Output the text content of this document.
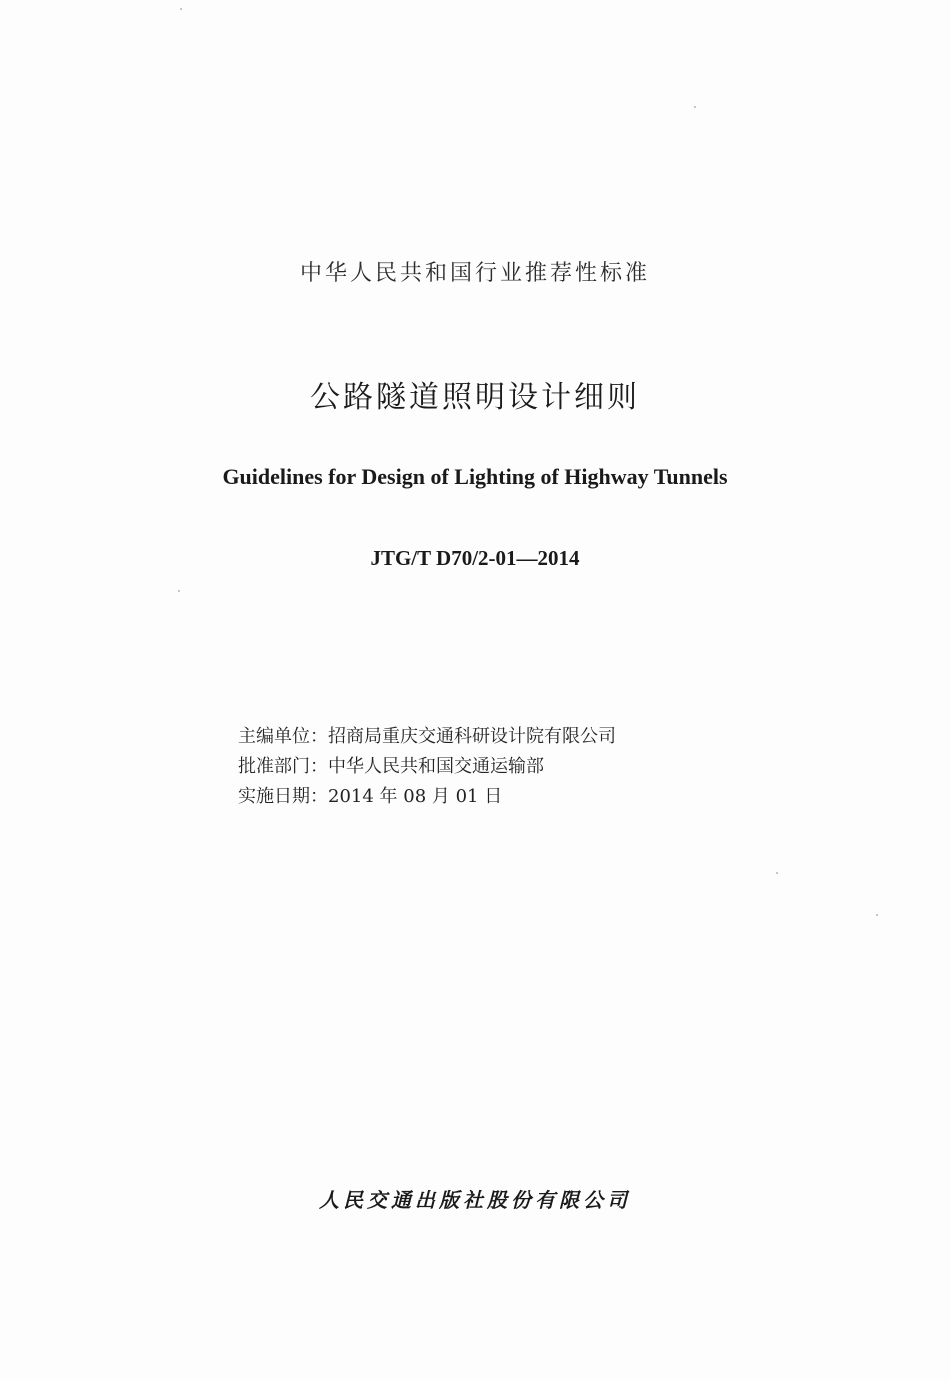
中华人民共和国行业推荐性标准
公路隧道照明设计细则
Guidelines for Design of Lighting of Highway Tunnels
JTG/T D70/2-01—2014
主编单位：招商局重庆交通科研设计院有限公司
批准部门：中华人民共和国交通运输部
实施日期：2014 年 08 月 01 日
人民交通出版社股份有限公司
